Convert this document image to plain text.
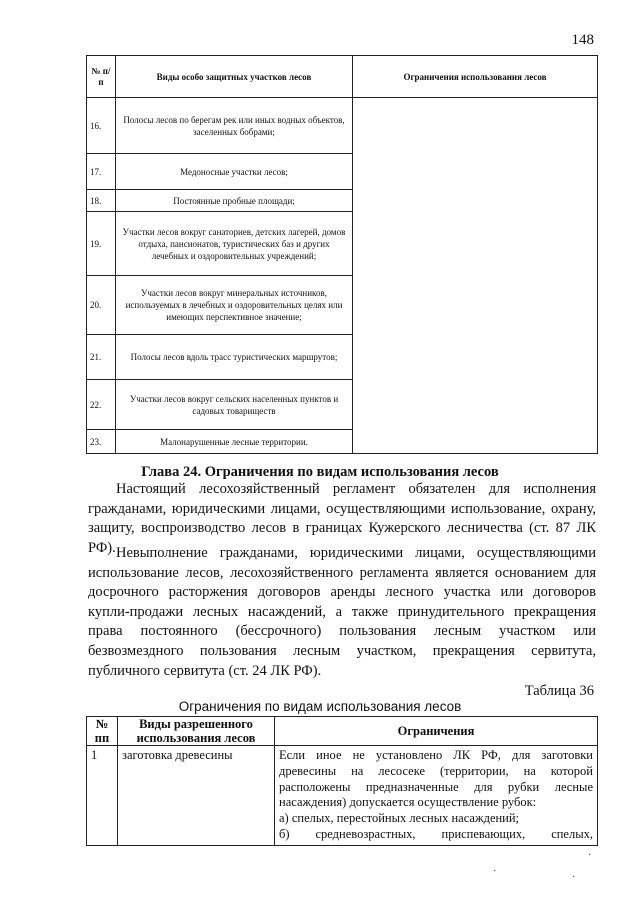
148
№ п/п	Виды особо защитных участков лесов	Ограничения использования лесов
16.	Полосы лесов по берегам рек или иных водных объектов, заселенных бобрами;	
17.	Медоносные участки лесов;	
18.	Постоянные пробные площади;	
19.	Участки лесов вокруг санаториев, детских лагерей, домов отдыха, пансионатов, туристических баз и других лечебных и оздоровительных учреждений;	
20.	Участки лесов вокруг минеральных источников, используемых в лечебных и оздоровительных целях или имеющих перспективное значение;	
21.	Полосы лесов вдоль трасс туристических маршрутов;	
22.	Участки лесов вокруг сельских населенных пунктов и садовых товариществ	
23.	Малонарушенные лесные территории.	
Глава 24. Ограничения по видам использования лесов

Настоящий лесохозяйственный регламент обязателен для исполнения гражданами, юридическими лицами, осуществляющими использование, охрану, защиту, воспроизводство лесов в границах Кужерского лесничества (ст. 87 ЛК РФ). Невыполнение гражданами, юридическими лицами, осуществляющими использование лесов, лесохозяйственного регламента является основанием для досрочного расторжения договоров аренды лесного участка или договоров купли-продажи лесных насаждений, а также принудительного прекращения права постоянного (бессрочного) пользования лесным участком или безвозмездного пользования лесным участком, прекращения сервитута, публичного сервитута (ст. 24 ЛК РФ).

Таблица 36
Ограничения по видам использования лесов
№ пп	Виды разрешенного использования лесов	Ограничения
1	заготовка древесины	Если иное не установлено ЛК РФ, для заготовки древесины на лесосеке (территории, на которой расположены предназначенные для рубки лесные насаждения) допускается осуществление рубок:
а) спелых, перестойных лесных насаждений;
б) средневозрастных, приспевающих, спелых,
·
·
·
